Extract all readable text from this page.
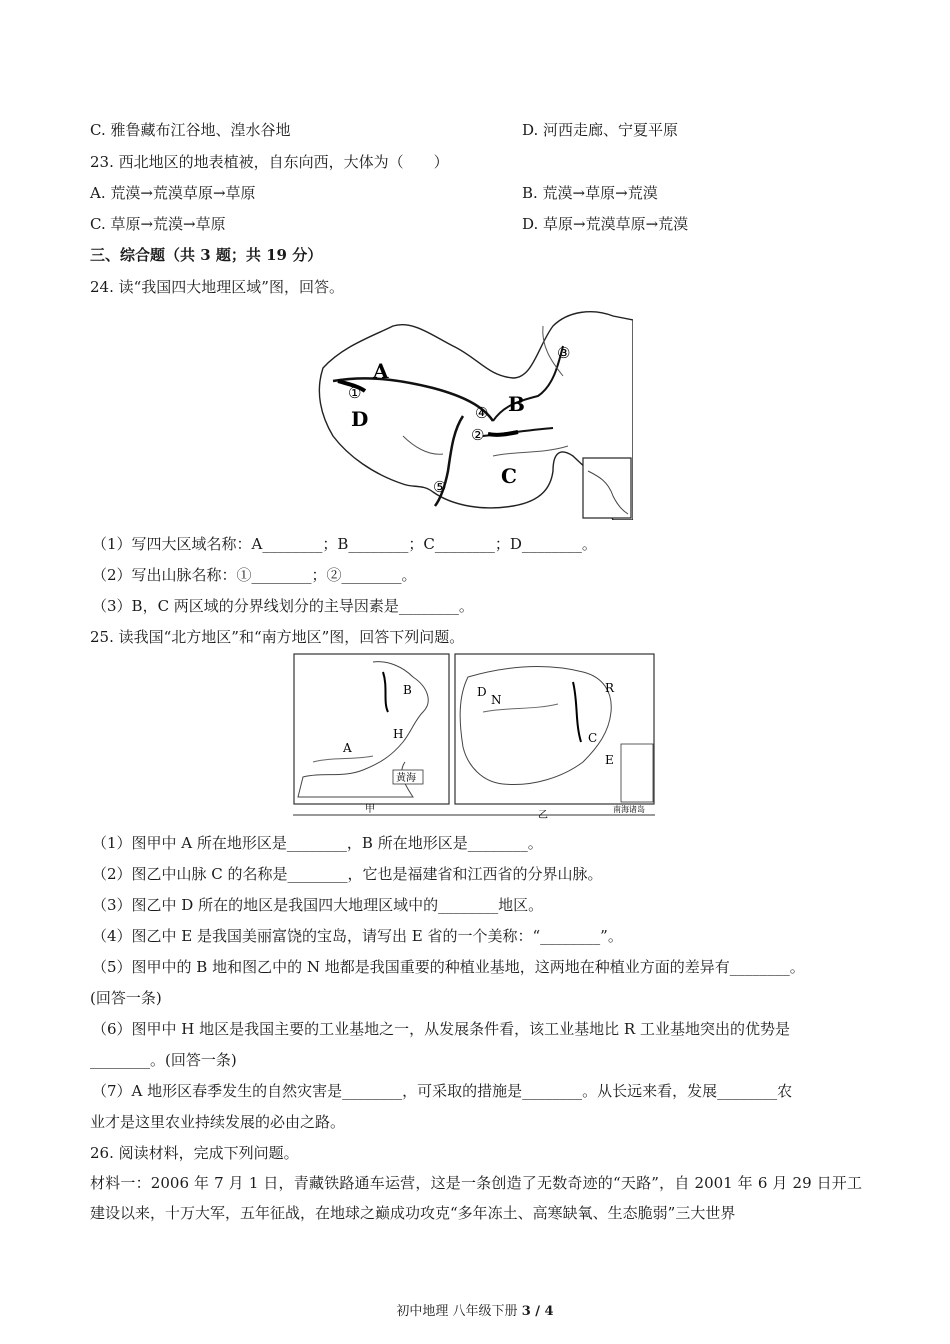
C. 雅鲁藏布江谷地、湟水谷地	D. 河西走廊、宁夏平原
23. 西北地区的地表植被，自东向西，大体为（　　）
A. 荒漠→荒漠草原→草原	B. 荒漠→草原→荒漠
C. 草原→荒漠→草原	D. 草原→荒漠草原→荒漠
三、综合题（共 3 题；共 19 分）
24. 读“我国四大地理区域”图，回答。
A
B
C
D
①
②
③
④
⑤
（1）写四大区域名称：A________；B________；C________；D________。
（2）写出山脉名称：①________；②________。
（3）B，C 两区域的分界线划分的主导因素是________。
25. 读我国“北方地区”和“南方地区”图，回答下列问题。
黄海
B
A
H
南海诸岛
D
N
R
C
E
甲
乙
（1）图甲中 A 所在地形区是________，B 所在地形区是________。
（2）图乙中山脉 C 的名称是________，它也是福建省和江西省的分界山脉。
（3）图乙中 D 所在的地区是我国四大地理区域中的________地区。
（4）图乙中 E 是我国美丽富饶的宝岛，请写出 E 省的一个美称：“________”。
（5）图甲中的 B 地和图乙中的 N 地都是我国重要的种植业基地，这两地在种植业方面的差异有________。
(回答一条)
（6）图甲中 H 地区是我国主要的工业基地之一，从发展条件看，该工业基地比 R 工业基地突出的优势是
________。(回答一条)
（7）A 地形区春季发生的自然灾害是________，可采取的措施是________。从长远来看，发展________农
业才是这里农业持续发展的必由之路。
26. 阅读材料，完成下列问题。
材料一：2006 年 7 月 1 日，青藏铁路通车运营，这是一条创造了无数奇迹的“天路”，自 2001 年 6 月 29 日开工建设以来，十万大军，五年征战，在地球之巅成功攻克“多年冻土、高寒缺氧、生态脆弱”三大世界
初中地理 八年级下册 3 / 4
